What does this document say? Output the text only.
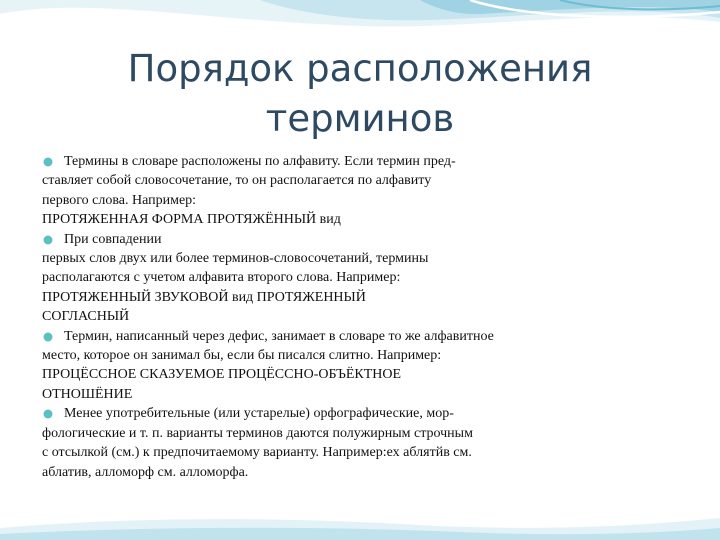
Порядок расположения
терминов
Термины в словаре расположены по алфавиту. Если термин пред-
ставляет собой словосочетание, то он располагается по алфавиту
первого слова. Например:
ПРОТЯЖЕННАЯ ФОРМА ПРОТЯЖЁННЫЙ вид
При совпадении
первых слов двух или более терминов-словосочетаний, термины
располагаются с учетом алфавита второго слова. Например:
ПРОТЯЖЕННЫЙ ЗВУКОВОЙ вид ПРОТЯЖЕННЫЙ
СОГЛАСНЫЙ
Термин, написанный через дефис, занимает в словаре то же алфавитное
место, которое он занимал бы, если бы писался слитно. Например:
ПРОЦЁССНОЕ СКАЗУЕМОЕ ПРОЦЁССНО-ОБЪЁКТНОЕ
ОТНОШЁНИЕ
Менее употребительные (или устарелые) орфографические, мор-
фологические и т. п. варианты терминов даются полужирным строчным
с отсылкой (см.) к предпочитаемому варианту. Например:ех аблятйв см.
аблатив, алломорф см. алломорфа.
